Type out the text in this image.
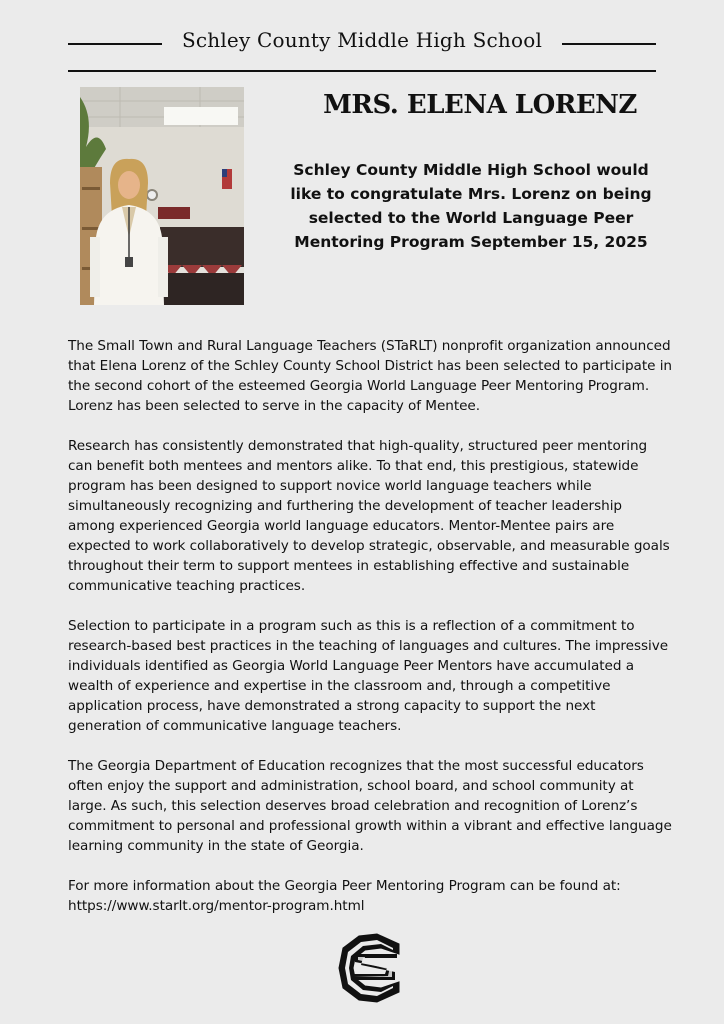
Schley County Middle High School
MRS. ELENA LORENZ
Schley County Middle High School would like to congratulate Mrs. Lorenz on being selected to the World Language Peer Mentoring Program September 15, 2025

The Small Town and Rural Language Teachers (STaRLT) nonprofit organization announced that Elena Lorenz of the Schley County School District has been selected to participate in the second cohort of the esteemed Georgia World Language Peer Mentoring Program. Lorenz has been selected to serve in the capacity of Mentee.

Research has consistently demonstrated that high-quality, structured peer mentoring can benefit both mentees and mentors alike. To that end, this prestigious, statewide program has been designed to support novice world language teachers while simultaneously recognizing and furthering the development of teacher leadership among experienced Georgia world language educators. Mentor-Mentee pairs are expected to work collaboratively to develop strategic, observable, and measurable goals throughout their term to support mentees in establishing effective and sustainable communicative teaching practices.

Selection to participate in a program such as this is a reflection of a commitment to research-based best practices in the teaching of languages and cultures. The impressive individuals identified as Georgia World Language Peer Mentors have accumulated a wealth of experience and expertise in the classroom and, through a competitive application process, have demonstrated a strong capacity to support the next generation of communicative language teachers.

The Georgia Department of Education recognizes that the most successful educators often enjoy the support and administration, school board, and school community at large. As such, this selection deserves broad celebration and recognition of Lorenz’s commitment to personal and professional growth within a vibrant and effective language learning community in the state of Georgia.

For more information about the Georgia Peer Mentoring Program can be found at:
https://www.starlt.org/mentor-program.html
